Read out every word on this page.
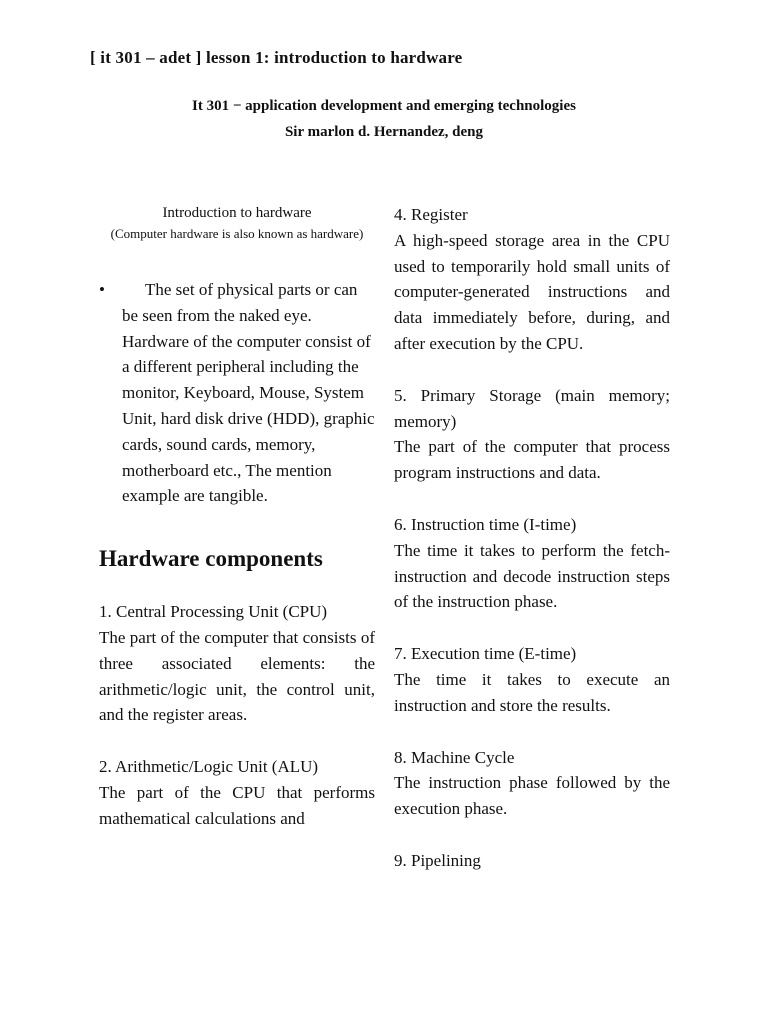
[ it 301 – adet ] lesson 1: introduction to hardware
It 301 − application development and emerging technologies
Sir marlon d. Hernandez, deng
Introduction to hardware
(Computer hardware is also known as hardware)
•	The set of physical parts or can be seen from the naked eye. Hardware of the computer consist of a different peripheral including the monitor, Keyboard, Mouse, System Unit, hard disk drive (HDD), graphic cards, sound cards, memory, motherboard etc., The mention example are tangible.
Hardware components
1. Central Processing Unit (CPU)
The part of the computer that consists of three associated elements: the arithmetic/logic unit, the control unit, and the register areas.
2. Arithmetic/Logic Unit (ALU)
The part of the CPU that performs mathematical calculations and
4. Register
A high-speed storage area in the CPU used to temporarily hold small units of computer-generated instructions and data immediately before, during, and after execution by the CPU.
5. Primary Storage (main memory; memory)
The part of the computer that process program instructions and data.
6. Instruction time (I-time)
The time it takes to perform the fetch-instruction and decode instruction steps of the instruction phase.
7. Execution time (E-time)
The time it takes to execute an instruction and store the results.
8. Machine Cycle
The instruction phase followed by the execution phase.
9. Pipelining
